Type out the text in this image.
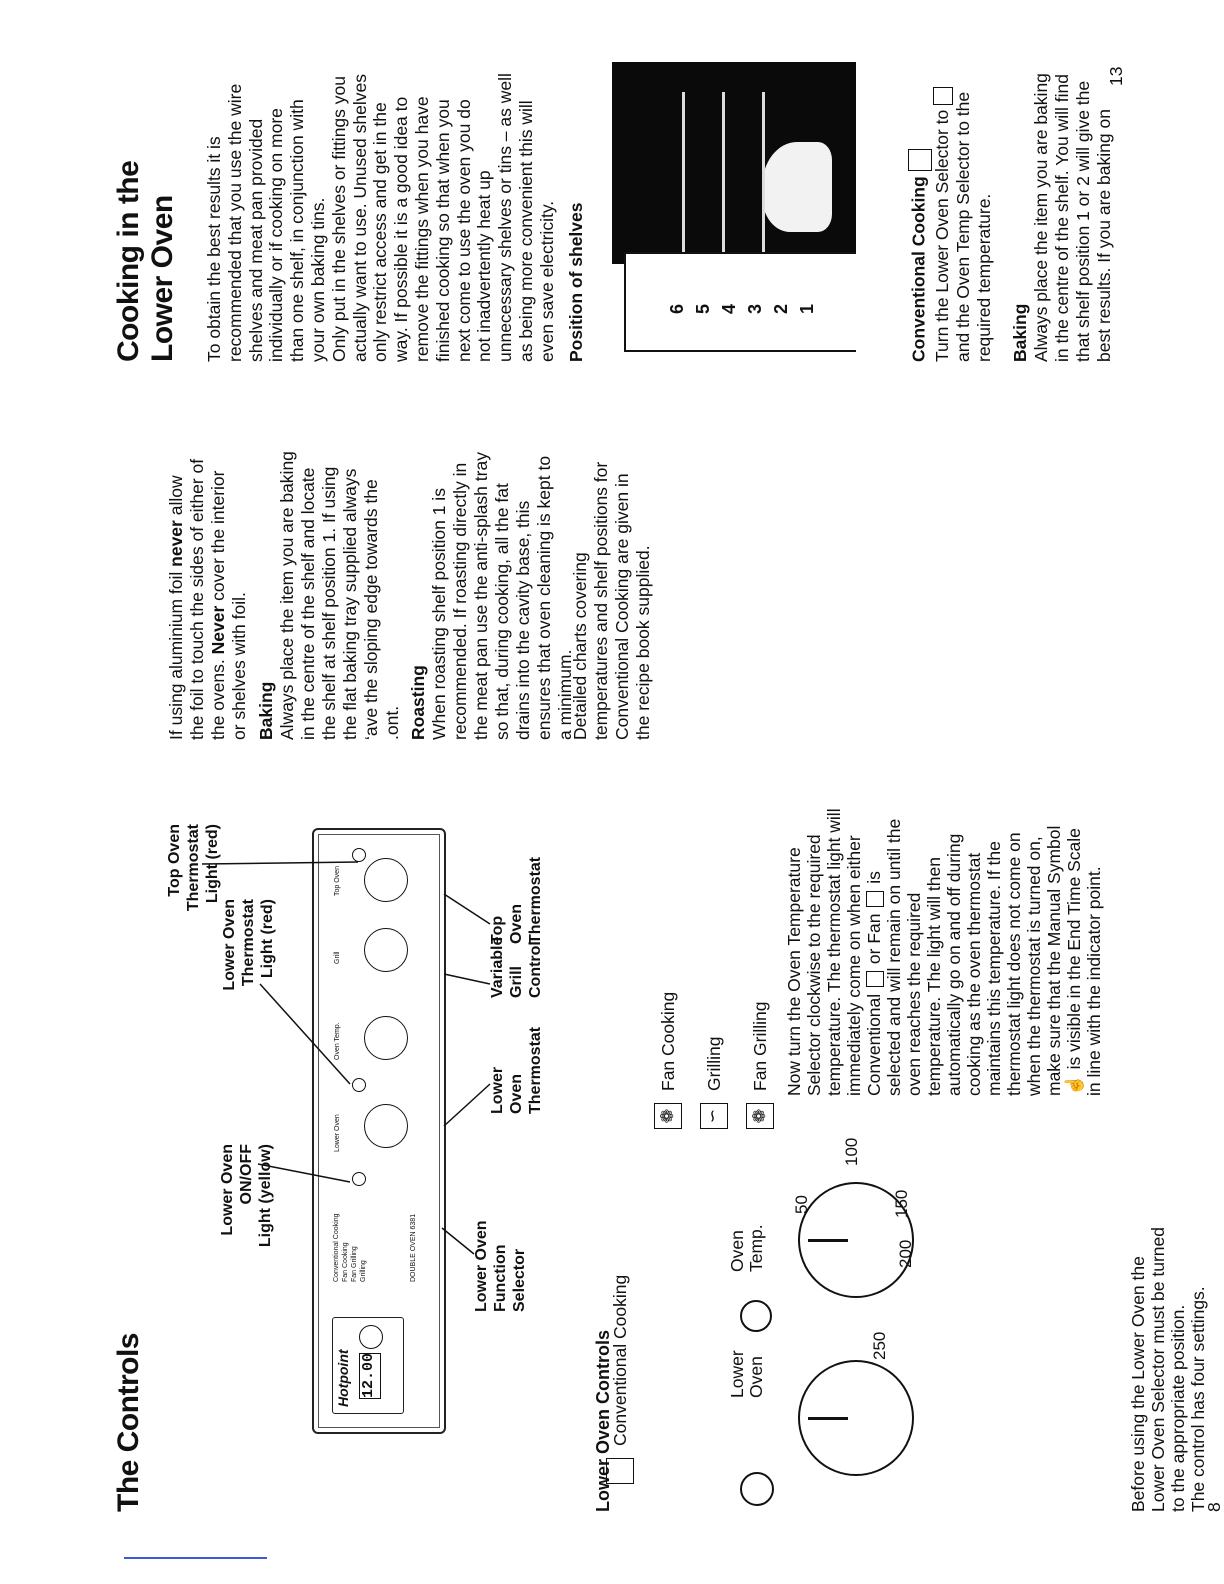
The Controls
Top Oven Thermostat Light (red)
Lower Oven Thermostat Light (red)
Lower Oven ON/OFF Light (yellow)
Lower Oven Function Selector
Lower Oven Thermostat
Variable Grill Control
Top Oven Thermostat
Hotpoint 12.00
Conventional Cooking Fan Cooking Fan Grilling Grilling	DOUBLE OVEN 6381
Lower Oven
Oven Temp.
Grill
Top Oven
Lower Oven Controls	Lower Oven
Oven Temp.
50
100
150
200
250
Conventional Cooking
❁
Fan Cooking
∽
Grilling
❁
Fan Grilling

Before using the Lower Oven the Lower Oven Selector must be turned to the appropriate position. The control has four settings.

Now turn the Oven Temperature Selector clockwise to the required temperature. The thermostat light will immediately come on when either Conventional  or Fan  is selected and will remain on until the oven reaches the required temperature. The light will then automatically go on and off during cooking as the oven thermostat maintains this temperature. If the thermostat light does not come on when the thermostat is turned on, make sure that the Manual Symbol ☝ is visible in the End Time Scale in line with the indicator point.

8

If using aluminium foil never allow the foil to touch the sides of either of the ovens. Never cover the interior

or shelves with foil. Baking Always place the item you are baking in the centre of the shelf and locate the shelf at shelf position 1. If using the flat baking tray supplied always ‘ave the sloping edge towards the .ont. Roasting When roasting shelf position 1 is recommended. If roasting directly in the meat pan use the anti-splash tray so that, during cooking, all the fat drains into the cavity base, this ensures that oven cleaning is kept to a minimum.

Detailed charts covering temperatures and shelf positions for Conventional Cooking are given in the recipe book supplied.

Cooking in the Lower Oven To obtain the best results it is recommended that you use the wire shelves and meat pan provided individually or if cooking on more than one shelf, in conjunction with your own baking tins. Only put in the shelves or fittings you actually want to use. Unused shelves only restrict access and get in the way. If possible it is a good idea to remove the fittings when you have finished cooking so that when you next come to use the oven you do not inadvertently heat up unnecessary shelves or tins – as well as being more convenient this will even save electricity. Position of shelves	6 5 4 3 2 1	Conventional Cooking Turn the Lower Oven Selector to and the Oven Temp Selector to the required temperature. Baking Always place the item you are baking in the centre of the shelf. You will find that shelf position 1 or 2 will give the best results. If you are baking on

13
